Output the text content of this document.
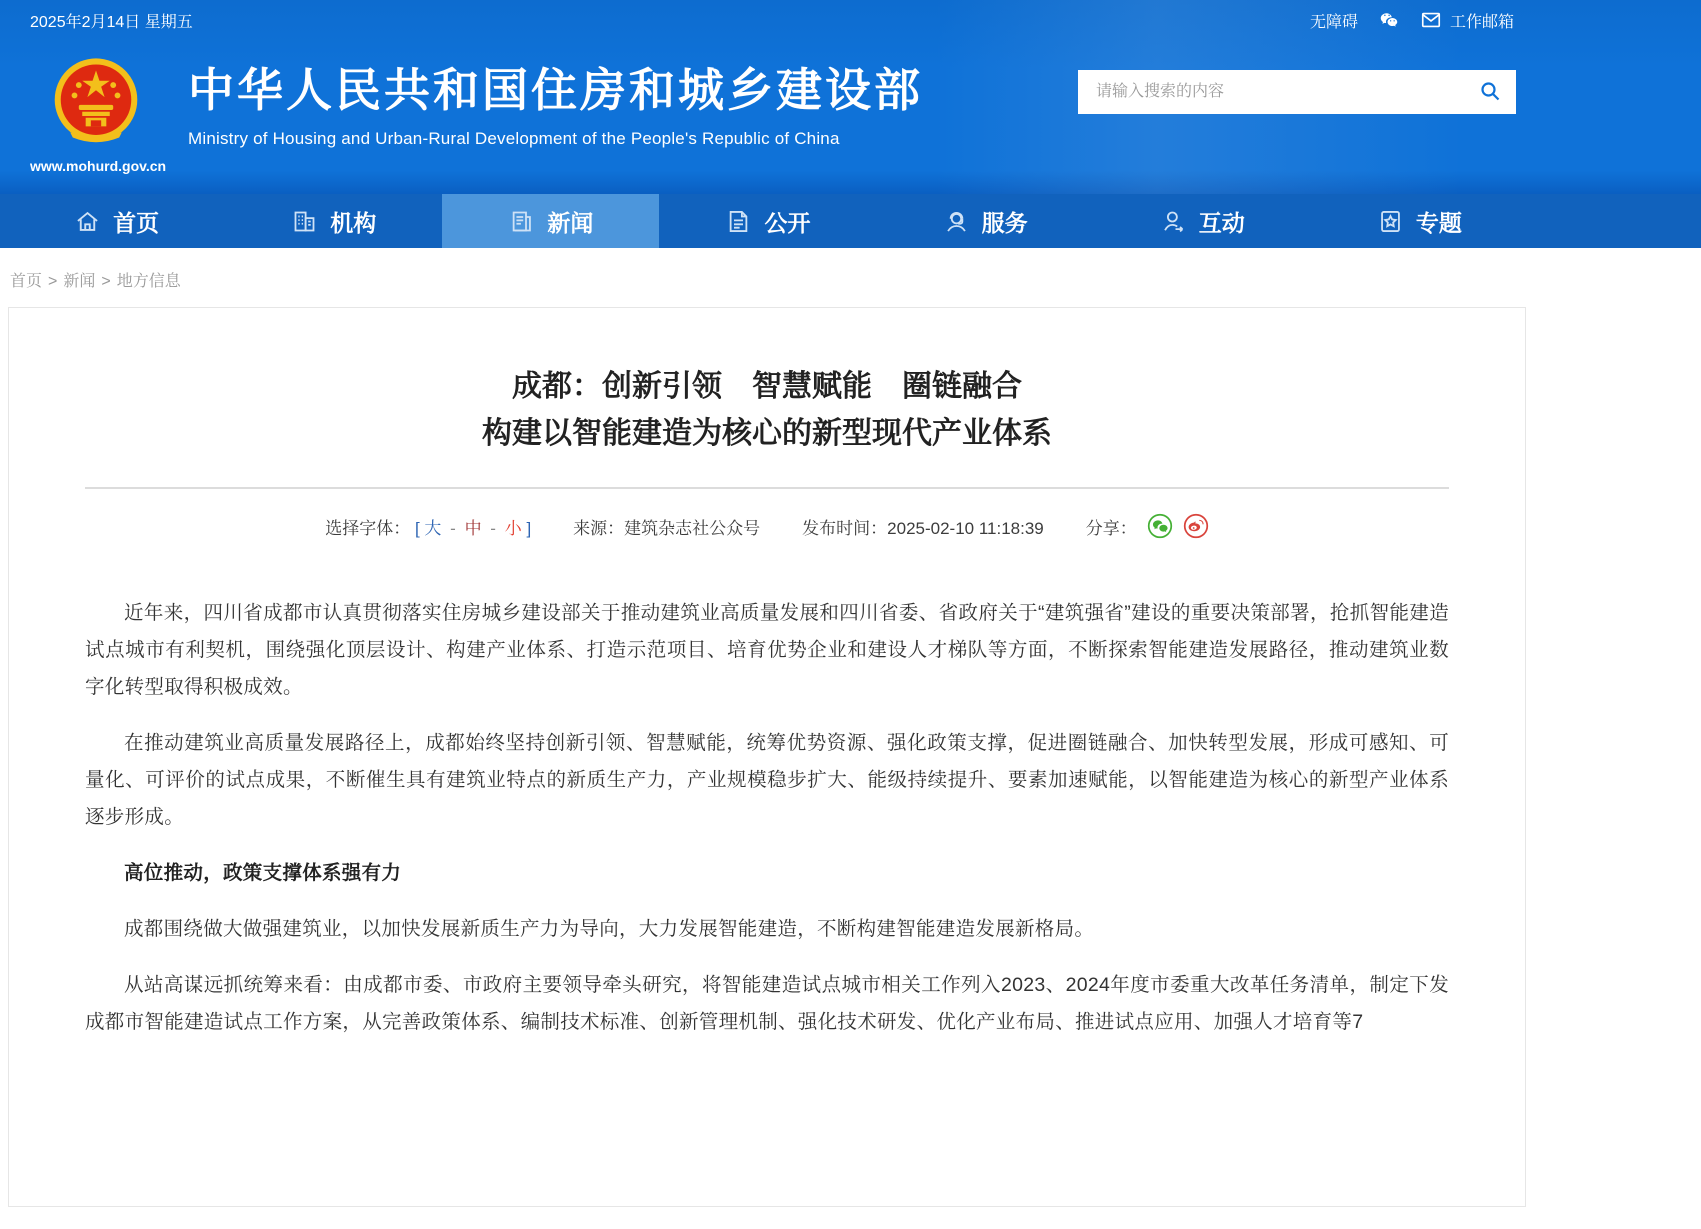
2025年2月14日 星期五	无障碍	工作邮箱
www.mohurd.gov.cn
中华人民共和国住房和城乡建设部
Ministry of Housing and Urban-Rural Development of the People's Republic of China
请输入搜索的内容
首页	机构	新闻	公开	服务	互动	专题
首页 > 新闻 > 地方信息
成都：创新引领　智慧赋能　圈链融合
构建以智能建造为核心的新型现代产业体系
选择字体： [ 大 - 中 - 小 ] 来源：建筑杂志社公众号 发布时间：2025-02-10 11:18:39 分享：

近年来，四川省成都市认真贯彻落实住房城乡建设部关于推动建筑业高质量发展和四川省委、省政府关于“建筑强省”建设的重要决策部署，抢抓智能建造试点城市有利契机，围绕强化顶层设计、构建产业体系、打造示范项目、培育优势企业和建设人才梯队等方面，不断探索智能建造发展路径，推动建筑业数字化转型取得积极成效。

在推动建筑业高质量发展路径上，成都始终坚持创新引领、智慧赋能，统筹优势资源、强化政策支撑，促进圈链融合、加快转型发展，形成可感知、可量化、可评价的试点成果，不断催生具有建筑业特点的新质生产力，产业规模稳步扩大、能级持续提升、要素加速赋能，以智能建造为核心的新型产业体系逐步形成。

高位推动，政策支撑体系强有力

成都围绕做大做强建筑业，以加快发展新质生产力为导向，大力发展智能建造，不断构建智能建造发展新格局。

从站高谋远抓统筹来看：由成都市委、市政府主要领导牵头研究，将智能建造试点城市相关工作列入2023、2024年度市委重大改革任务清单，制定下发成都市智能建造试点工作方案，从完善政策体系、编制技术标准、创新管理机制、强化技术研发、优化产业布局、推进试点应用、加强人才培育等7
